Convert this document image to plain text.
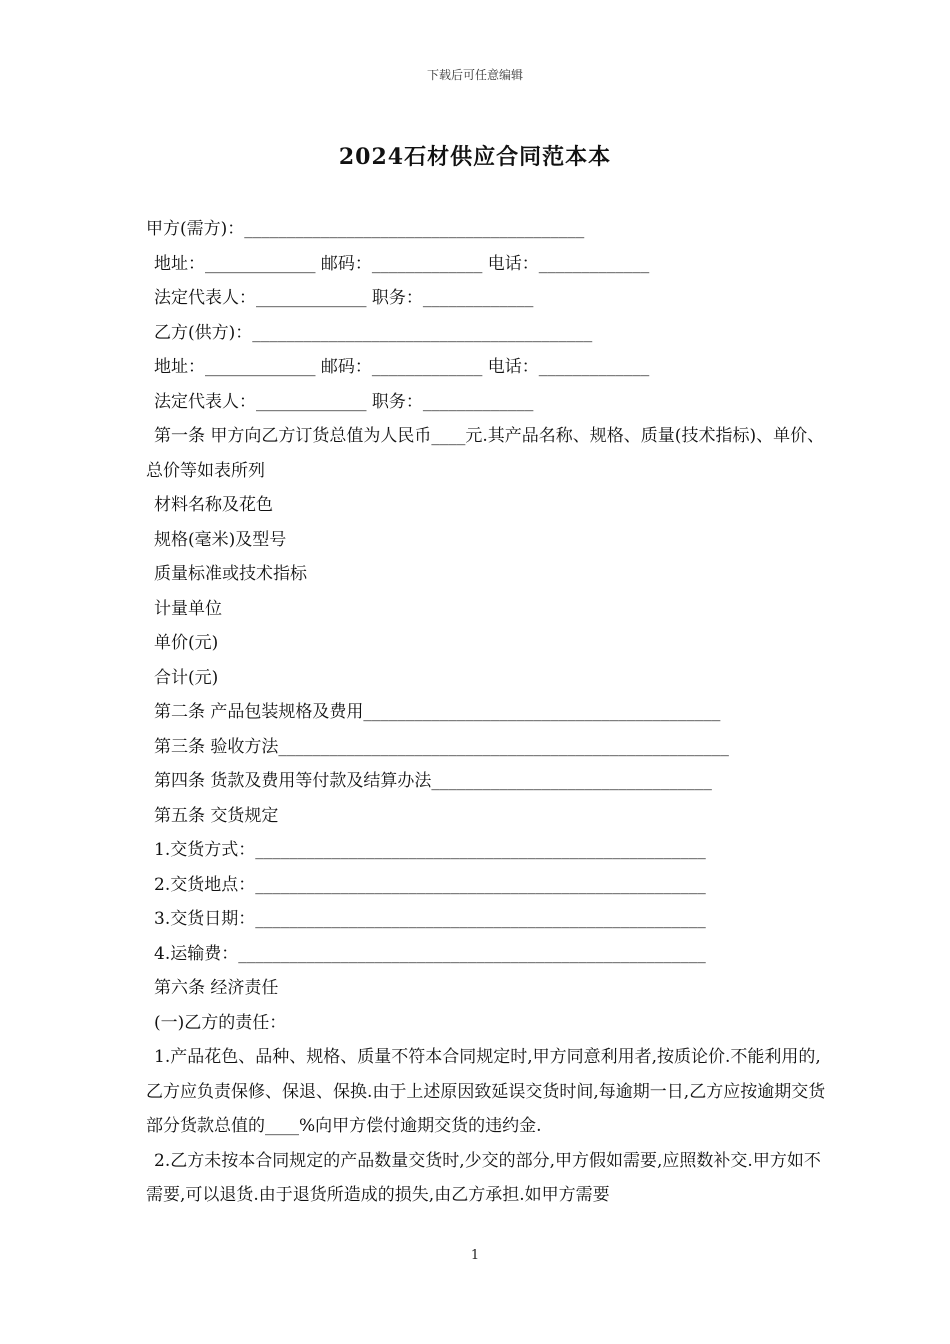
下载后可任意编辑
2024石材供应合同范本本
甲方(需方)：________________________________________
地址：_____________ 邮码：_____________ 电话：_____________
法定代表人：_____________ 职务：_____________
乙方(供方)：________________________________________
地址：_____________ 邮码：_____________ 电话：_____________
法定代表人：_____________ 职务：_____________
第一条 甲方向乙方订货总值为人民币____元.其产品名称、规格、质量(技术指标)、单价、总价等如表所列
材料名称及花色
规格(毫米)及型号
质量标准或技术指标
计量单位
单价(元)
合计(元)
第二条 产品包装规格及费用__________________________________________
第三条 验收方法_____________________________________________________
第四条 货款及费用等付款及结算办法_________________________________
第五条 交货规定
1.交货方式：_____________________________________________________
2.交货地点：_____________________________________________________
3.交货日期：_____________________________________________________
4.运输费：_______________________________________________________
第六条 经济责任
(一)乙方的责任：
1.产品花色、品种、规格、质量不符本合同规定时,甲方同意利用者,按质论价.不能利用的,乙方应负责保修、保退、保换.由于上述原因致延误交货时间,每逾期一日,乙方应按逾期交货部分货款总值的____%向甲方偿付逾期交货的违约金.
2.乙方未按本合同规定的产品数量交货时,少交的部分,甲方假如需要,应照数补交.甲方如不需要,可以退货.由于退货所造成的损失,由乙方承担.如甲方需要
1
